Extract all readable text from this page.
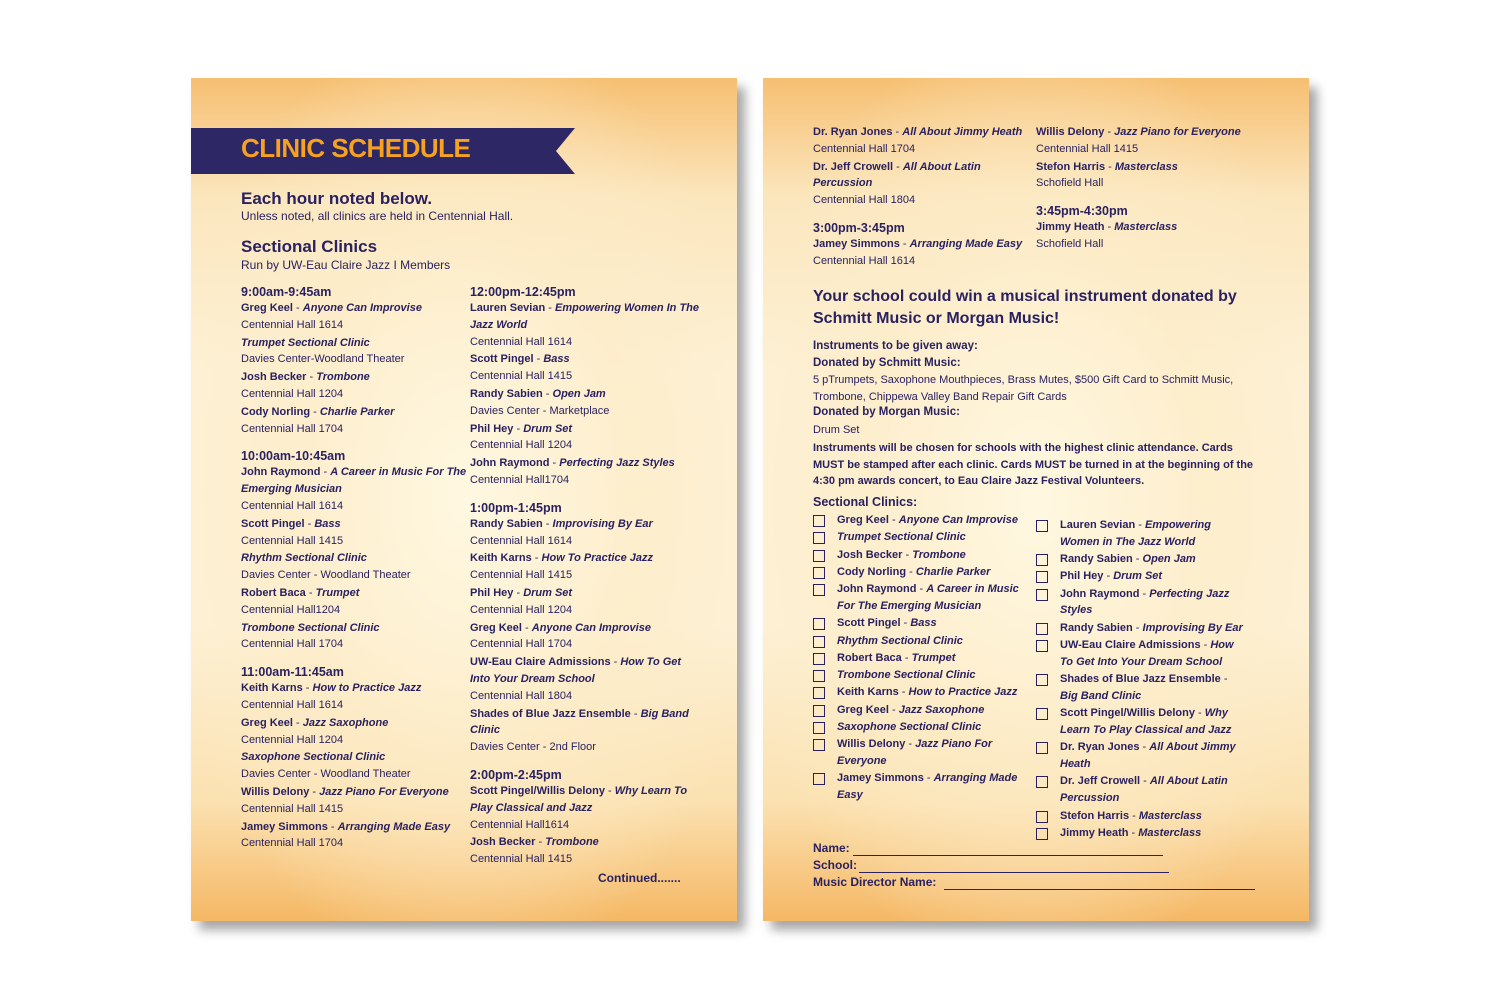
CLINIC SCHEDULE
Each hour noted below.
Unless noted, all clinics are held in Centennial Hall.
Sectional Clinics
Run by UW-Eau Claire Jazz I Members
9:00am-9:45am
Greg Keel - Anyone Can Improvise
Centennial Hall 1614
Trumpet Sectional Clinic
Davies Center-Woodland Theater
Josh Becker - Trombone
Centennial Hall 1204
Cody Norling - Charlie Parker
Centennial Hall 1704
10:00am-10:45am
John Raymond - A Career in Music For The Emerging Musician
Centennial Hall 1614
Scott Pingel - Bass
Centennial Hall 1415
Rhythm Sectional Clinic
Davies Center - Woodland Theater
Robert Baca - Trumpet
Centennial Hall1204
Trombone Sectional Clinic
Centennial Hall 1704
11:00am-11:45am
Keith Karns - How to Practice Jazz
Centennial Hall 1614
Greg Keel - Jazz Saxophone
Centennial Hall 1204
Saxophone Sectional Clinic
Davies Center - Woodland Theater
Willis Delony - Jazz Piano For Everyone
Centennial Hall 1415
Jamey Simmons - Arranging Made Easy
Centennial Hall 1704
12:00pm-12:45pm
Lauren Sevian - Empowering Women In The Jazz World
Centennial Hall 1614
Scott Pingel - Bass
Centennial Hall 1415
Randy Sabien - Open Jam
Davies Center - Marketplace
Phil Hey - Drum Set
Centennial Hall 1204
John Raymond - Perfecting Jazz Styles
Centennial Hall1704
1:00pm-1:45pm
Randy Sabien - Improvising By Ear
Centennial Hall 1614
Keith Karns - How To Practice Jazz
Centennial Hall 1415
Phil Hey - Drum Set
Centennial Hall 1204
Greg Keel - Anyone Can Improvise
Centennial Hall 1704
UW-Eau Claire Admissions - How To Get Into Your Dream School
Centennial Hall 1804
Shades of Blue Jazz Ensemble - Big Band Clinic
Davies Center - 2nd Floor
2:00pm-2:45pm
Scott Pingel/Willis Delony - Why Learn To Play Classical and Jazz
Centennial Hall1614
Josh Becker - Trombone
Centennial Hall 1415
Continued.......
Dr. Ryan Jones - All About Jimmy Heath
Centennial Hall 1704
Dr. Jeff Crowell - All About Latin Percussion
Centennial Hall 1804
3:00pm-3:45pm
Jamey Simmons - Arranging Made Easy
Centennial Hall 1614
Willis Delony - Jazz Piano for Everyone
Centennial Hall 1415
Stefon Harris - Masterclass
Schofield Hall
3:45pm-4:30pm
Jimmy Heath - Masterclass
Schofield Hall
Your school could win a musical instrument donated by Schmitt Music or Morgan Music!
Instruments to be given away:
Donated by Schmitt Music:
5 pTrumpets, Saxophone Mouthpieces, Brass Mutes, $500 Gift Card to Schmitt Music, Trombone, Chippewa Valley Band Repair Gift Cards
Donated by Morgan Music:
Drum Set
Instruments will be chosen for schools with the highest clinic attendance. Cards MUST be stamped after each clinic. Cards MUST be turned in at the beginning of the 4:30 pm awards concert, to Eau Claire Jazz Festival Volunteers.
Sectional Clinics:
Greg Keel - Anyone Can Improvise
Trumpet Sectional Clinic
Josh Becker - Trombone
Cody Norling - Charlie Parker
John Raymond - A Career in Music For The Emerging Musician
Scott Pingel - Bass
Rhythm Sectional Clinic
Robert Baca - Trumpet
Trombone Sectional Clinic
Keith Karns - How to Practice Jazz
Greg Keel - Jazz Saxophone
Saxophone Sectional Clinic
Willis Delony - Jazz Piano For Everyone
Jamey Simmons - Arranging Made Easy
Lauren Sevian - Empowering Women in The Jazz World
Randy Sabien - Open Jam
Phil Hey - Drum Set
John Raymond - Perfecting Jazz Styles
Randy Sabien - Improvising By Ear
UW-Eau Claire Admissions - How To Get Into Your Dream School
Shades of Blue Jazz Ensemble - Big Band Clinic
Scott Pingel/Willis Delony - Why Learn To Play Classical and Jazz
Dr. Ryan Jones - All About Jimmy Heath
Dr. Jeff Crowell - All About Latin Percussion
Stefon Harris - Masterclass
Jimmy Heath - Masterclass
Name:
School:
Music Director Name:
